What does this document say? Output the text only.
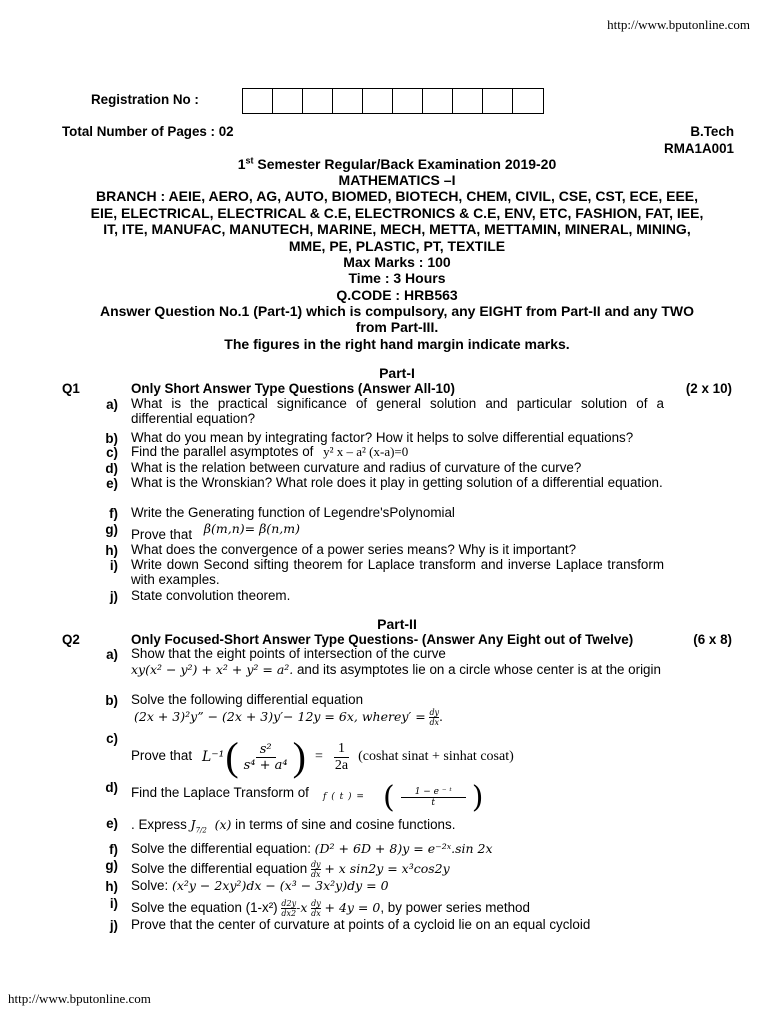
http://www.bputonline.com
http://www.bputonline.com
Registration No :
Total Number of Pages : 02	B.Tech
RMA1A001
1st Semester Regular/Back Examination 2019-20
MATHEMATICS –I
BRANCH : AEIE, AERO, AG, AUTO, BIOMED, BIOTECH, CHEM, CIVIL, CSE, CST, ECE, EEE,
EIE, ELECTRICAL, ELECTRICAL & C.E, ELECTRONICS & C.E, ENV, ETC, FASHION, FAT, IEE,
IT, ITE, MANUFAC, MANUTECH, MARINE, MECH, METTA, METTAMIN, MINERAL, MINING,
MME, PE, PLASTIC, PT, TEXTILE
Max Marks : 100
Time : 3 Hours
Q.CODE : HRB563
Answer Question No.1 (Part-1) which is compulsory, any EIGHT from Part-II and any TWO
from Part-III.
The figures in the right hand margin indicate marks.
Part-I
Q1	Only Short Answer Type Questions (Answer All-10)	(2 x 10)
a) What is the practical significance of general solution and particular solution of a differential equation?
b) What do you mean by integrating factor? How it helps to solve differential equations?
c) Find the parallel asymptotes of y² x – a² (x-a)=0
d) What is the relation between curvature and radius of curvature of the curve?
e) What is the Wronskian? What role does it play in getting solution of a differential equation.
f) Write the Generating function of Legendre'sPolynomial
g) Prove that β(m,n)= β(n,m)
h) What does the convergence of a power series means? Why is it important?
i) Write down Second sifting theorem for Laplace transform and inverse Laplace transform with examples.
j) State convolution theorem.
Part-II
Q2	Only Focused-Short Answer Type Questions- (Answer Any Eight out of Twelve)	(6 x 8)
a) Show that the eight points of intersection of the curve
xy(x² − y²) + x² + y² = a². and its asymptotes lie on a circle whose center is at the origin
b) Solve the following differential equation
(2x + 3)²y” − (2x + 3)y′− 12y = 6x, wherey′ = $\frac{dy}{dx}$ .
c)
Prove that L⁻¹ ( $\frac{\text{s²}}{\text{s⁴ + a⁴}}$ ) = $\frac{1}{2a}$ (coshat sinat + sinhat cosat)
d) Find the Laplace Transform of	f ( t ) = ( $\frac{\text{1 − e ⁻ ᵗ}}{t}$ )
e) . Express $J_{7/2}$ (x) in terms of sine and cosine functions.
f) Solve the differential equation: (D² + 6D + 8)y = e⁻²ˣ.sin 2x
g) Solve the differential equation $\frac{dy}{dx} + x$ sin2y = x³cos2y
h) Solve: (x²y − 2xy²)dx − (x³ − 3x²y)dy = 0
i) Solve the equation $(1-x^2) \frac{d2y}{dx2} -x \frac{dy}{dx} + 4y = 0$, by power series method
j) Prove that the center of curvature at points of a cycloid lie on an equal cycloid
